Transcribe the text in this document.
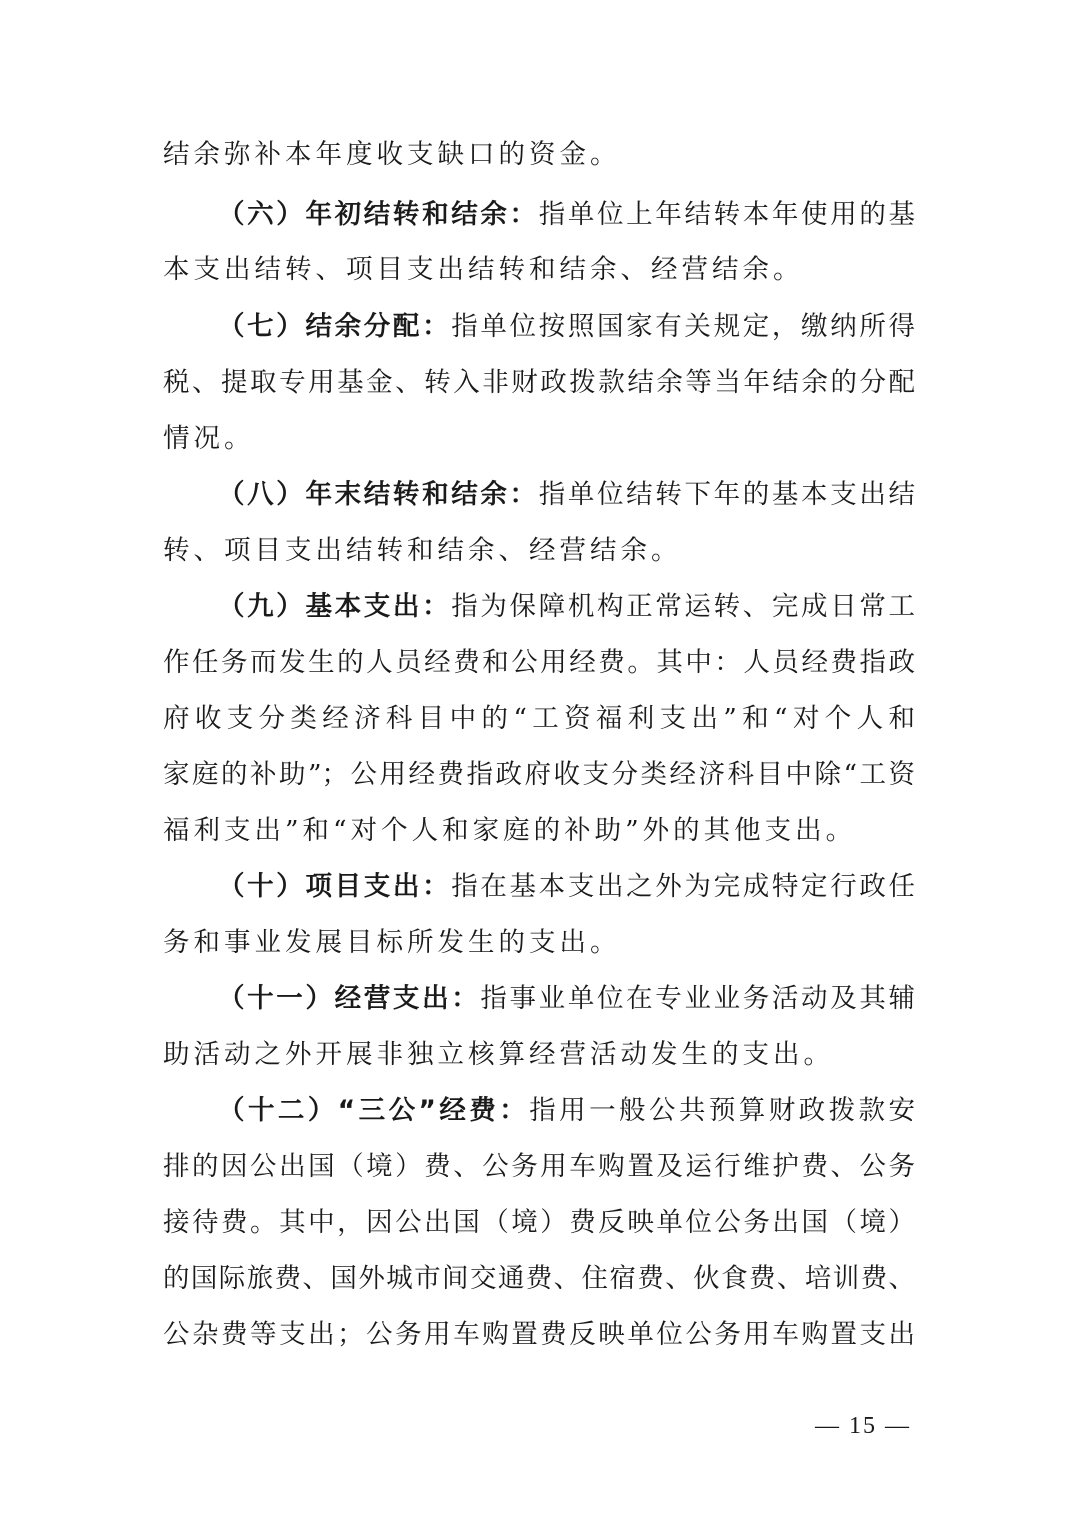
结余弥补本年度收支缺口的资金。
（六）年初结转和结余：指单位上年结转本年使用的基
本支出结转、项目支出结转和结余、经营结余。
（七）结余分配：指单位按照国家有关规定，缴纳所得
税、提取专用基金、转入非财政拨款结余等当年结余的分配
情况。
（八）年末结转和结余：指单位结转下年的基本支出结
转、项目支出结转和结余、经营结余。
（九）基本支出：指为保障机构正常运转、完成日常工
作任务而发生的人员经费和公用经费。其中：人员经费指政
府收支分类经济科目中的“工资福利支出”和“对个人和
家庭的补助”；公用经费指政府收支分类经济科目中除“工资
福利支出”和“对个人和家庭的补助”外的其他支出。
（十）项目支出：指在基本支出之外为完成特定行政任
务和事业发展目标所发生的支出。
（十一）经营支出：指事业单位在专业业务活动及其辅
助活动之外开展非独立核算经营活动发生的支出。
（十二）“三公”经费：指用一般公共预算财政拨款安
排的因公出国（境）费、公务用车购置及运行维护费、公务
接待费。其中，因公出国（境）费反映单位公务出国（境）
的国际旅费、国外城市间交通费、住宿费、伙食费、培训费、
公杂费等支出；公务用车购置费反映单位公务用车购置支出
— 15 —
